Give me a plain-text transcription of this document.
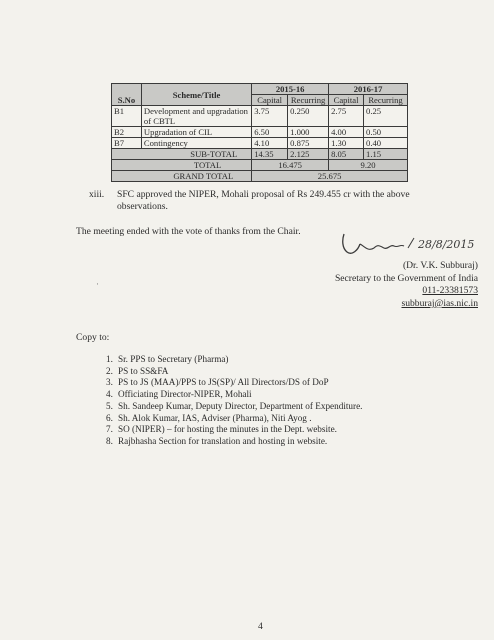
S.No	Scheme/Title	2015-16		2016-17	
		Capital	Recurring	Capital	Recurring
B1	Development and upgradation of CBTL	3.75	0.250	2.75	0.25
B2	Upgradation of CIL	6.50	1.000	4.00	0.50
B7	Contingency	4.10	0.875	1.30	0.40
SUB-TOTAL		14.35	2.125	8.05	1.15
TOTAL		16.475		9.20	
GRAND TOTAL		25.675			
xiii. SFC approved the NIPER, Mohali proposal of Rs 249.455 cr with the above observations.
The meeting ended with the vote of thanks from the Chair.
28/8/2015
(Dr. V.K. Subburaj)
Secretary to the Government of India
011-23381573
subburaj@ias.nic.in
·
Copy to:
1. Sr. PPS to Secretary (Pharma)
2. PS to SS&FA
3. PS to JS (MAA)/PPS to JS(SP)/ All Directors/DS of DoP
4. Officiating Director-NIPER, Mohali
5. Sh. Sandeep Kumar, Deputy Director, Department of Expenditure.
6. Sh. Alok Kumar, IAS, Adviser (Pharma), Niti Ayog .
7. SO (NIPER) – for hosting the minutes in the Dept. website.
8. Rajbhasha Section for translation and hosting in website.
4
